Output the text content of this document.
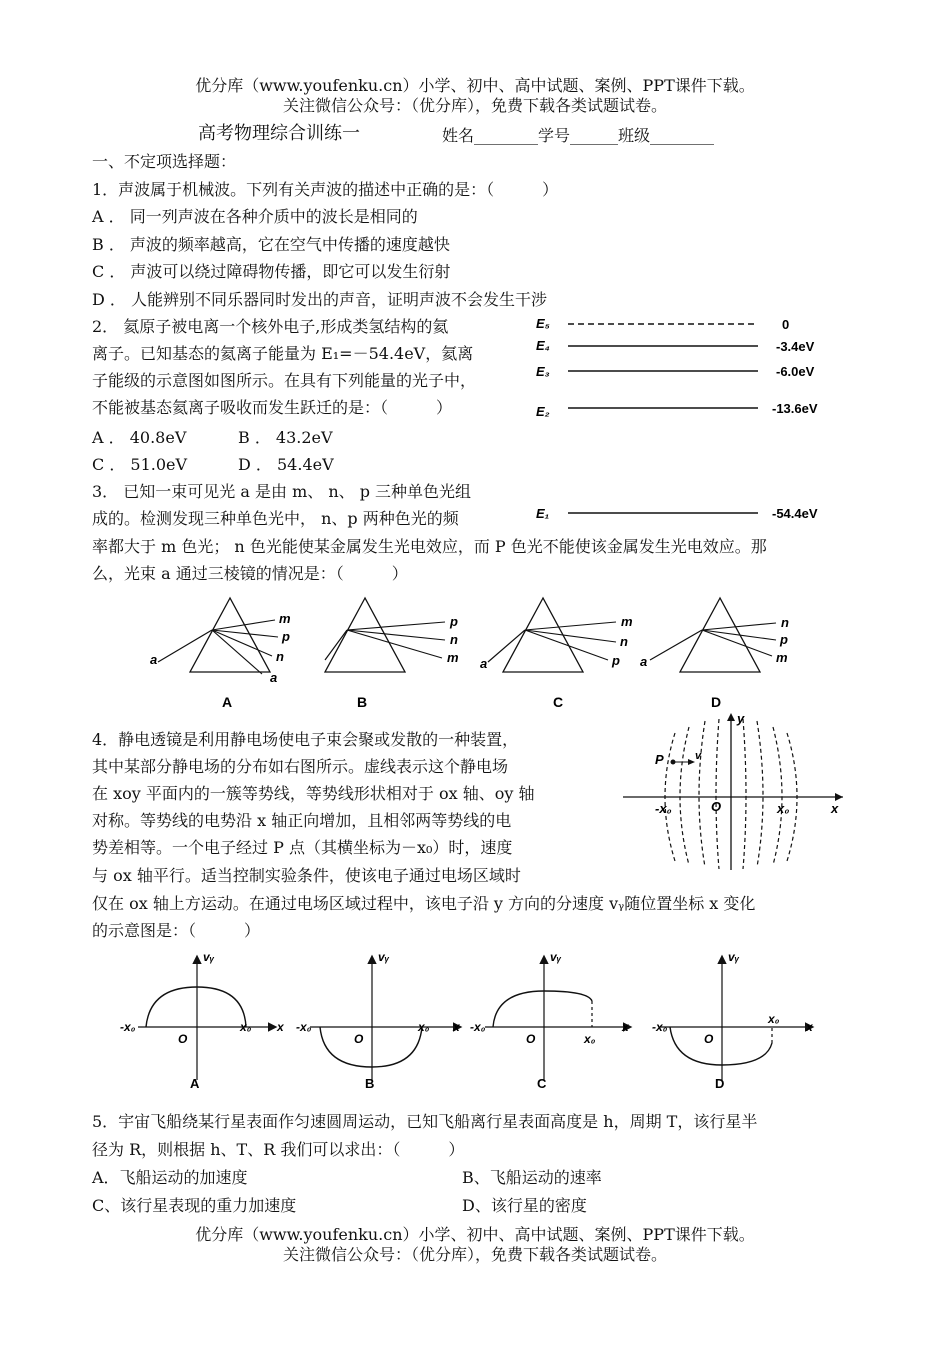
优分库（www.youfenku.cn）小学、初中、高中试题、案例、PPT课件下载。
关注微信公众号：（优分库），免费下载各类试题试卷。
高考物理综合训练一	姓名________学号______班级________
一、不定项选择题：
1．声波属于机械波。下列有关声波的描述中正确的是：（　　　）
A ． 同一列声波在各种介质中的波长是相同的
B ． 声波的频率越高，它在空气中传播的速度越快
C ． 声波可以绕过障碍物传播，即它可以发生衍射
D ． 人能辨别不同乐器同时发出的声音，证明声波不会发生干涉
2． 氦原子被电离一个核外电子,形成类氢结构的氦
离子。已知基态的氦离子能量为 E₁=－54.4eV，氦离
子能级的示意图如图所示。在具有下列能量的光子中，
不能被基态氦离子吸收而发生跃迁的是：（　　　）
A ． 40.8eV	B ． 43.2eV
C ． 51.0eV	D ． 54.4eV
E₅
E₄
E₃
E₂
E₁
0
-3.4eV
-6.0eV
-13.6eV
-54.4eV
3． 已知一束可见光 a 是由 m、 n、 p 三种单色光组
成的。检测发现三种单色光中， n、p 两种色光的频
率都大于 m 色光； n 色光能使某金属发生光电效应，而 P 色光不能使该金属发生光电效应。那
么，光束 a 通过三棱镜的情况是：（　　　）
m
p
n
a
a
A
p
n
m
B
m
n
p
a
C
n
p
m
a
D
4．静电透镜是利用静电场使电子束会聚或发散的一种装置，
其中某部分静电场的分布如右图所示。虚线表示这个静电场
在 xoy 平面内的一簇等势线，等势线形状相对于 ox 轴、oy 轴
对称。等势线的电势沿 x 轴正向增加，且相邻两等势线的电
势差相等。一个电子经过 P 点（其横坐标为－x₀）时，速度
与 ox 轴平行。适当控制实验条件，使该电子通过电场区域时
仅在 ox 轴上方运动。在通过电场区域过程中，该电子沿 y 方向的分速度 vᵧ随位置坐标 x 变化
的示意图是：（　　　）
P	v
y
x
O
-x₀	x₀
vᵧ
-x₀
O
x₀ x
A
vᵧ
-x₀
O
x₀ x
B
vᵧ
-x₀
O	x₀
x
C
vᵧ
-x₀
O
x₀
x
D
5．宇宙飞船绕某行星表面作匀速圆周运动，已知飞船离行星表面高度是 h，周期 T，该行星半
径为 R，则根据 h、T、R 我们可以求出：（　　　）
A．飞船运动的加速度	B、飞船运动的速率
C、该行星表现的重力加速度	D、该行星的密度
优分库（www.youfenku.cn）小学、初中、高中试题、案例、PPT课件下载。
关注微信公众号：（优分库），免费下载各类试题试卷。
